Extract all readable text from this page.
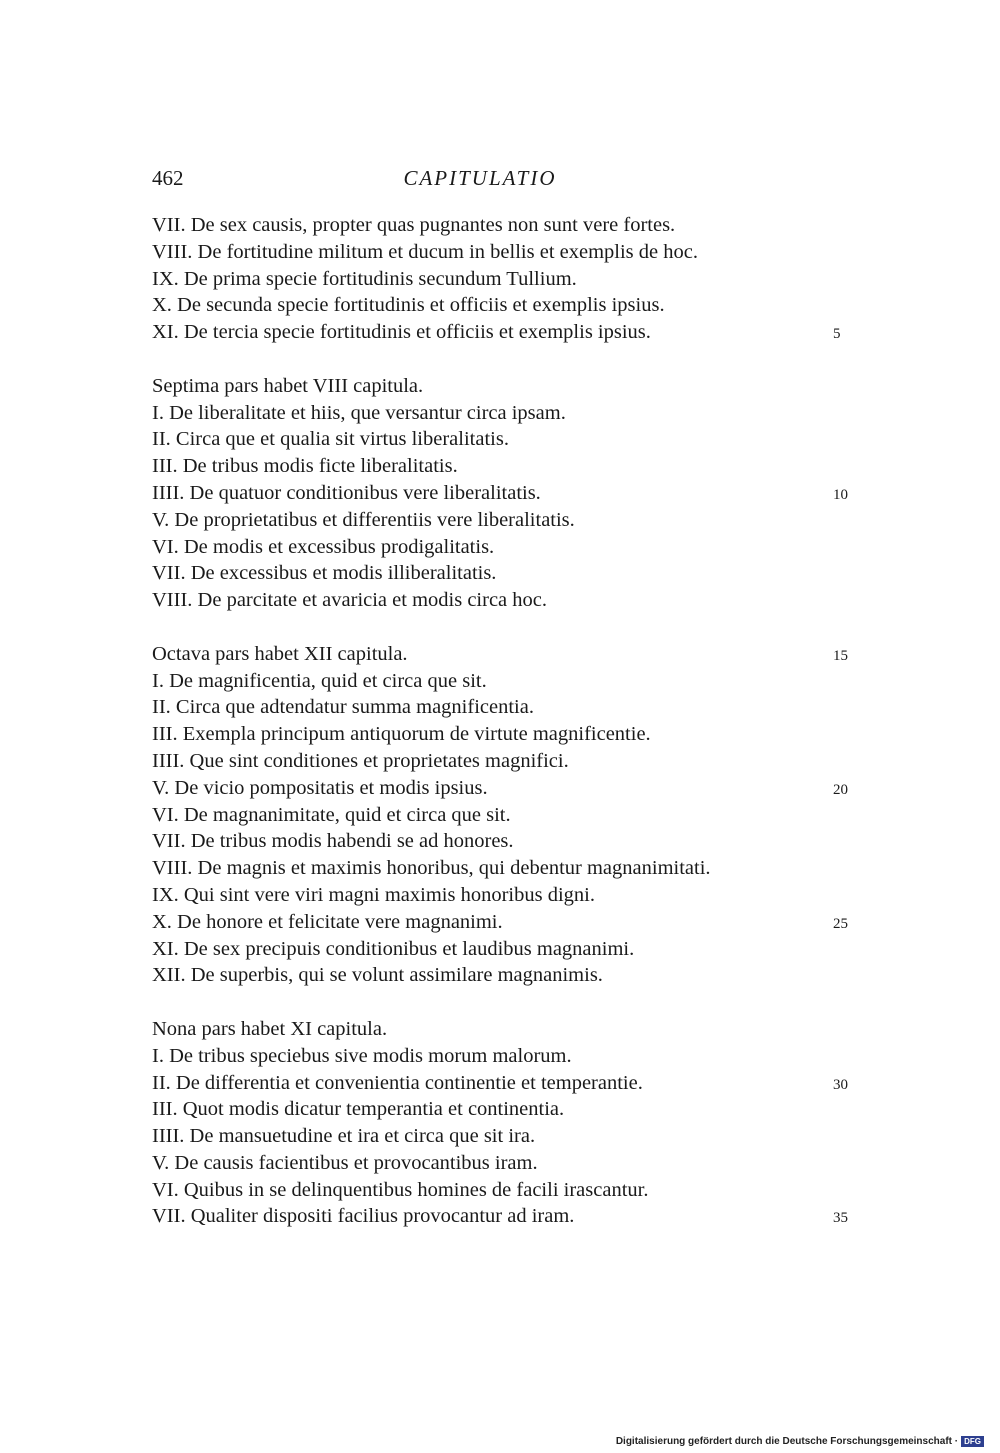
462	CAPITULATIO
VII. De sex causis, propter quas pugnantes non sunt vere fortes.
VIII. De fortitudine militum et ducum in bellis et exemplis de hoc.
IX. De prima specie fortitudinis secundum Tullium.
X. De secunda specie fortitudinis et officiis et exemplis ipsius.
XI. De tercia specie fortitudinis et officiis et exemplis ipsius.	5
Septima pars habet VIII capitula.
I. De liberalitate et hiis, que versantur circa ipsam.
II. Circa que et qualia sit virtus liberalitatis.
III. De tribus modis ficte liberalitatis.
IIII. De quatuor conditionibus vere liberalitatis.	10
V. De proprietatibus et differentiis vere liberalitatis.
VI. De modis et excessibus prodigalitatis.
VII. De excessibus et modis illiberalitatis.
VIII. De parcitate et avaricia et modis circa hoc.
Octava pars habet XII capitula.	15
I. De magnificentia, quid et circa que sit.
II. Circa que adtendatur summa magnificentia.
III. Exempla principum antiquorum de virtute magnificentie.
IIII. Que sint conditiones et proprietates magnifici.
V. De vicio pompositatis et modis ipsius.	20
VI. De magnanimitate, quid et circa que sit.
VII. De tribus modis habendi se ad honores.
VIII. De magnis et maximis honoribus, qui debentur magnanimitati.
IX. Qui sint vere viri magni maximis honoribus digni.
X. De honore et felicitate vere magnanimi.	25
XI. De sex precipuis conditionibus et laudibus magnanimi.
XII. De superbis, qui se volunt assimilare magnanimis.
Nona pars habet XI capitula.
I. De tribus speciebus sive modis morum malorum.
II. De differentia et convenientia continentie et temperantie.	30
III. Quot modis dicatur temperantia et continentia.
IIII. De mansuetudine et ira et circa que sit ira.
V. De causis facientibus et provocantibus iram.
VI. Quibus in se delinquentibus homines de facili irascantur.
VII. Qualiter dispositi facilius provocantur ad iram.	35
Digitalisierung gefördert durch die Deutsche Forschungsgemeinschaft · DFG
